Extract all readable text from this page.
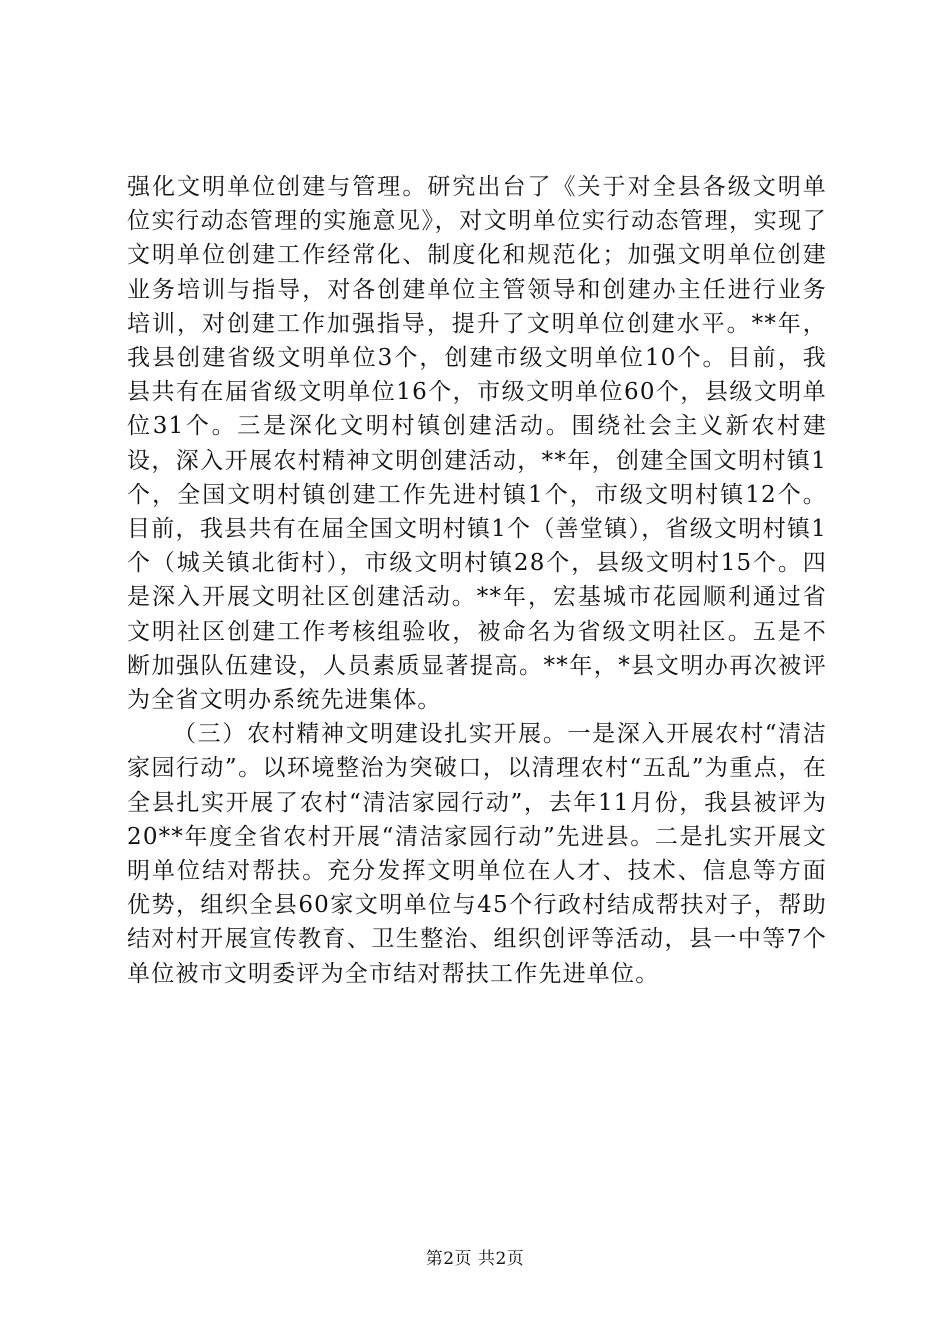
强化文明单位创建与管理。研究出台了《关于对全县各级文明单位实行动态管理的实施意见》，对文明单位实行动态管理，实现了文明单位创建工作经常化、制度化和规范化；加强文明单位创建业务培训与指导，对各创建单位主管领导和创建办主任进行业务培训，对创建工作加强指导，提升了文明单位创建水平。**年，我县创建省级文明单位3个，创建市级文明单位10个。目前，我县共有在届省级文明单位16个，市级文明单位60个，县级文明单位31个。三是深化文明村镇创建活动。围绕社会主义新农村建设，深入开展农村精神文明创建活动，**年，创建全国文明村镇1个，全国文明村镇创建工作先进村镇1个，市级文明村镇12个。目前，我县共有在届全国文明村镇1个（善堂镇），省级文明村镇1个（城关镇北街村），市级文明村镇28个，县级文明村15个。四是深入开展文明社区创建活动。**年，宏基城市花园顺利通过省文明社区创建工作考核组验收，被命名为省级文明社区。五是不断加强队伍建设，人员素质显著提高。**年，*县文明办再次被评为全省文明办系统先进集体。

（三）农村精神文明建设扎实开展。一是深入开展农村“清洁家园行动”。以环境整治为突破口，以清理农村“五乱”为重点，在全县扎实开展了农村“清洁家园行动”，去年11月份，我县被评为20**年度全省农村开展“清洁家园行动”先进县。二是扎实开展文明单位结对帮扶。充分发挥文明单位在人才、技术、信息等方面优势，组织全县60家文明单位与45个行政村结成帮扶对子，帮助结对村开展宣传教育、卫生整治、组织创评等活动，县一中等7个单位被市文明委评为全市结对帮扶工作先进单位。

第2页 共2页
